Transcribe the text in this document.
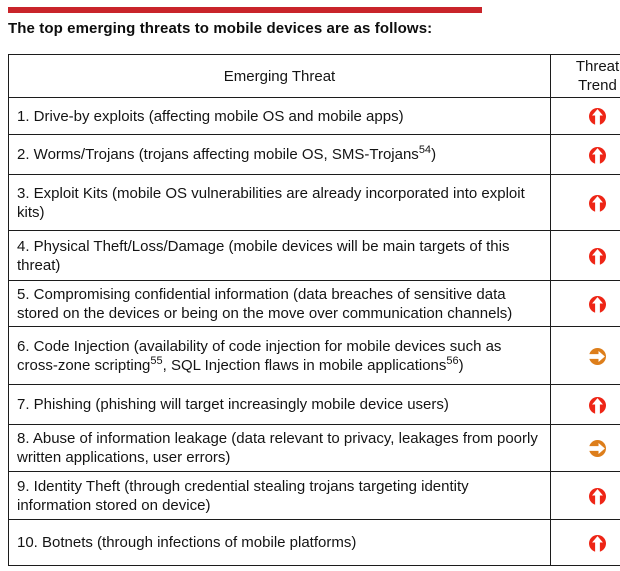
The top emerging threats to mobile devices are as follows:
Emerging Threat	Threat Trend
1. Drive-by exploits (affecting mobile OS and mobile apps)	
2. Worms/Trojans (trojans affecting mobile OS, SMS-Trojans$^{54}$)	
3. Exploit Kits (mobile OS vulnerabilities are already incorporated into exploit kits)	
4. Physical Theft/Loss/Damage (mobile devices will be main targets of this threat)	
5. Compromising confidential information (data breaches of sensitive data stored on the devices or being on the move over communication channels)	
6. Code Injection (availability of code injection for mobile devices such as cross-zone scripting$^{55}$, SQL Injection flaws in mobile applications$^{56}$)	
7. Phishing (phishing will target increasingly mobile device users)	
8. Abuse of information leakage (data relevant to privacy, leakages from poorly written applications, user errors)	
9. Identity Theft (through credential stealing trojans targeting identity information stored on device)	
10. Botnets (through infections of mobile platforms)	
